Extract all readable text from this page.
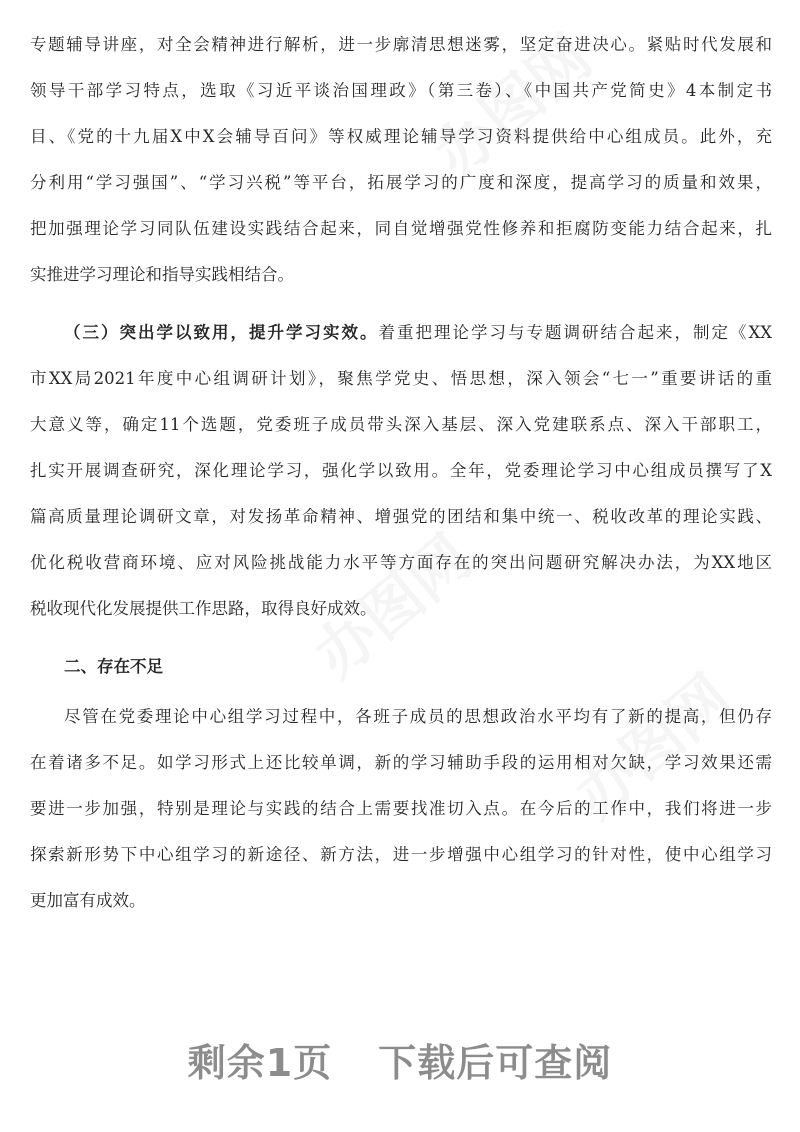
办图网
办图网
办图网
专题辅导讲座，对全会精神进行解析，进一步廓清思想迷雾，坚定奋进决心。紧贴时代发展和
领导干部学习特点，选取《习近平谈治国理政》（第三卷）、《中国共产党简史》4本制定书
目、《党的十九届X中X会辅导百问》等权威理论辅导学习资料提供给中心组成员。此外，充
分利用“学习强国”、“学习兴税”等平台，拓展学习的广度和深度，提高学习的质量和效果，
把加强理论学习同队伍建设实践结合起来，同自觉增强党性修养和拒腐防变能力结合起来，扎
实推进学习理论和指导实践相结合。
（三）突出学以致用，提升学习实效。着重把理论学习与专题调研结合起来，制定《XX
市XX局2021年度中心组调研计划》，聚焦学党史、悟思想，深入领会“七一”重要讲话的重
大意义等，确定11个选题，党委班子成员带头深入基层、深入党建联系点、深入干部职工，
扎实开展调查研究，深化理论学习，强化学以致用。全年，党委理论学习中心组成员撰写了X
篇高质量理论调研文章，对发扬革命精神、增强党的团结和集中统一、税收改革的理论实践、
优化税收营商环境、应对风险挑战能力水平等方面存在的突出问题研究解决办法，为XX地区
税收现代化发展提供工作思路，取得良好成效。
二、存在不足
尽管在党委理论中心组学习过程中，各班子成员的思想政治水平均有了新的提高，但仍存
在着诸多不足。如学习形式上还比较单调，新的学习辅助手段的运用相对欠缺，学习效果还需
要进一步加强，特别是理论与实践的结合上需要找准切入点。在今后的工作中，我们将进一步
探索新形势下中心组学习的新途径、新方法，进一步增强中心组学习的针对性，使中心组学习
更加富有成效。
剩余1页 下载后可查阅
